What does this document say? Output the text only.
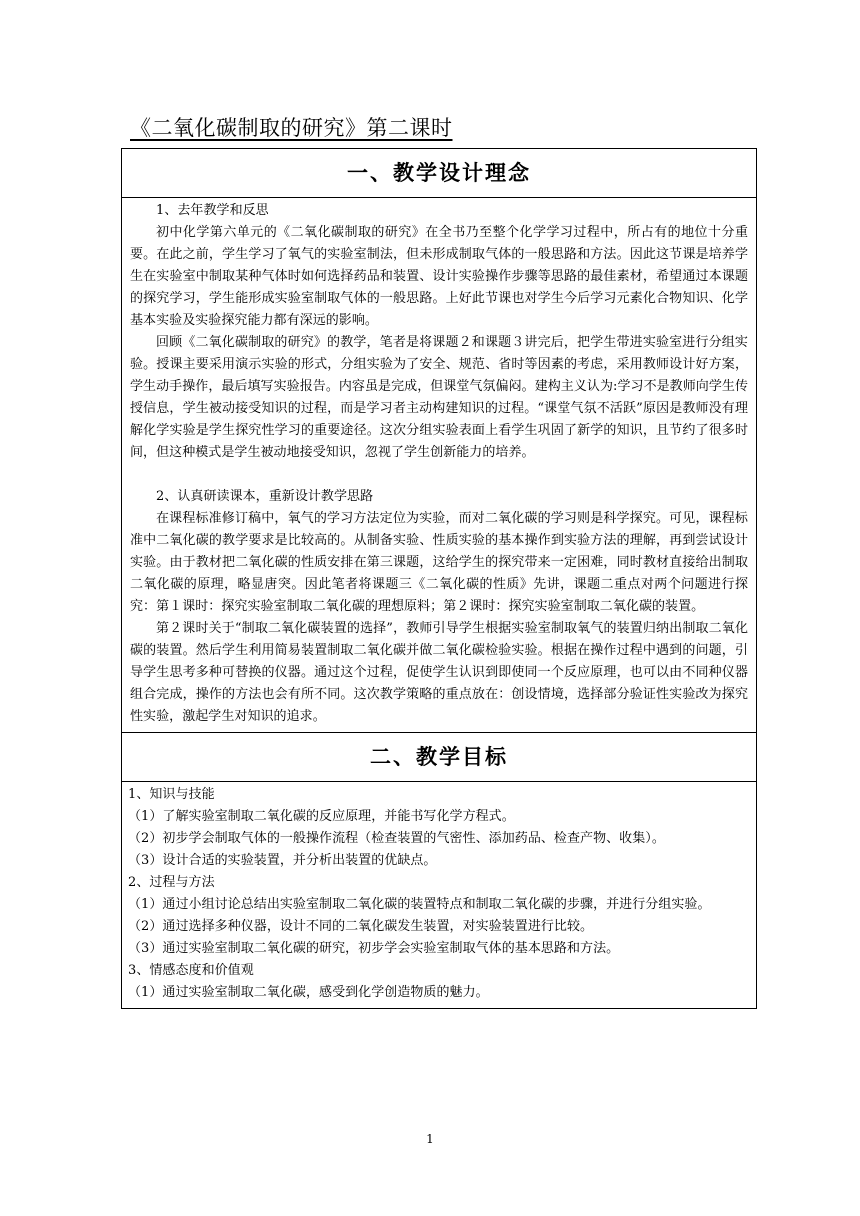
《二氧化碳制取的研究》第二课时
一、教学设计理念

1、去年教学和反思

初中化学第六单元的《二氧化碳制取的研究》在全书乃至整个化学学习过程中，所占有的地位十分重要。在此之前，学生学习了氧气的实验室制法，但未形成制取气体的一般思路和方法。因此这节课是培养学生在实验室中制取某种气体时如何选择药品和装置、设计实验操作步骤等思路的最佳素材，希望通过本课题的探究学习，学生能形成实验室制取气体的一般思路。上好此节课也对学生今后学习元素化合物知识、化学基本实验及实验探究能力都有深远的影响。

回顾《二氧化碳制取的研究》的教学，笔者是将课题２和课题３讲完后，把学生带进实验室进行分组实验。授课主要采用演示实验的形式，分组实验为了安全、规范、省时等因素的考虑，采用教师设计好方案，学生动手操作，最后填写实验报告。内容虽是完成，但课堂气氛偏闷。建构主义认为:学习不是教师向学生传授信息，学生被动接受知识的过程，而是学习者主动构建知识的过程。“课堂气氛不活跃”原因是教师没有理解化学实验是学生探究性学习的重要途径。这次分组实验表面上看学生巩固了新学的知识，且节约了很多时间，但这种模式是学生被动地接受知识，忽视了学生创新能力的培养。

2、认真研读课本，重新设计教学思路

在课程标准修订稿中，氧气的学习方法定位为实验，而对二氧化碳的学习则是科学探究。可见，课程标准中二氧化碳的教学要求是比较高的。从制备实验、性质实验的基本操作到实验方法的理解，再到尝试设计实验。由于教材把二氧化碳的性质安排在第三课题，这给学生的探究带来一定困难，同时教材直接给出制取二氧化碳的原理，略显唐突。因此笔者将课题三《二氧化碳的性质》先讲，课题二重点对两个问题进行探究：第１课时：探究实验室制取二氧化碳的理想原料；第２课时：探究实验室制取二氧化碳的装置。

第２课时关于“制取二氧化碳装置的选择”，教师引导学生根据实验室制取氧气的装置归纳出制取二氧化碳的装置。然后学生利用简易装置制取二氧化碳并做二氧化碳检验实验。根据在操作过程中遇到的问题，引导学生思考多种可替换的仪器。通过这个过程，促使学生认识到即使同一个反应原理，也可以由不同种仪器组合完成，操作的方法也会有所不同。这次教学策略的重点放在：创设情境，选择部分验证性实验改为探究性实验，激起学生对知识的追求。

二、教学目标

1、知识与技能

（1）了解实验室制取二氧化碳的反应原理，并能书写化学方程式。

（2）初步学会制取气体的一般操作流程（检查装置的气密性、添加药品、检查产物、收集）。

（3）设计合适的实验装置，并分析出装置的优缺点。

2、过程与方法

（1）通过小组讨论总结出实验室制取二氧化碳的装置特点和制取二氧化碳的步骤，并进行分组实验。

（2）通过选择多种仪器，设计不同的二氧化碳发生装置，对实验装置进行比较。

（3）通过实验室制取二氧化碳的研究，初步学会实验室制取气体的基本思路和方法。

3、情感态度和价值观

（1）通过实验室制取二氧化碳，感受到化学创造物质的魅力。

1
